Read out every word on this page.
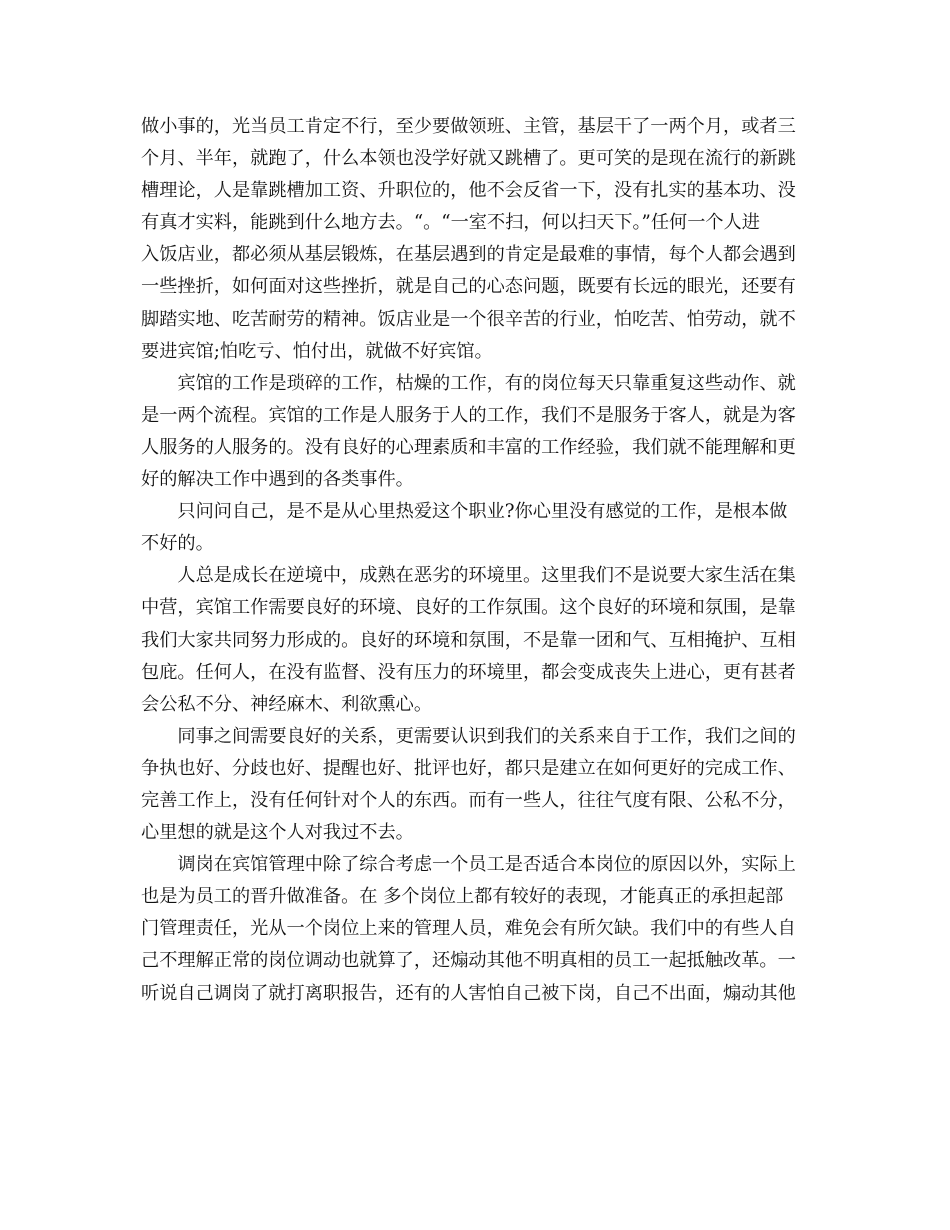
做小事的，光当员工肯定不行，至少要做领班、主管，基层干了一两个月，或者三
个月、半年，就跑了，什么本领也没学好就又跳槽了。更可笑的是现在流行的新跳
槽理论，人是靠跳槽加工资、升职位的，他不会反省一下，没有扎实的基本功、没
有真才实料，能跳到什么地方去。“。“一室不扫，何以扫天下。”任何一个人进
入饭店业，都必须从基层锻炼，在基层遇到的肯定是最难的事情，每个人都会遇到
一些挫折，如何面对这些挫折，就是自己的心态问题，既要有长远的眼光，还要有
脚踏实地、吃苦耐劳的精神。饭店业是一个很辛苦的行业，怕吃苦、怕劳动，就不
要进宾馆;怕吃亏、怕付出，就做不好宾馆。
宾馆的工作是琐碎的工作，枯燥的工作，有的岗位每天只靠重复这些动作、就
是一两个流程。宾馆的工作是人服务于人的工作，我们不是服务于客人，就是为客
人服务的人服务的。没有良好的心理素质和丰富的工作经验，我们就不能理解和更
好的解决工作中遇到的各类事件。
只问问自己，是不是从心里热爱这个职业?你心里没有感觉的工作，是根本做
不好的。
人总是成长在逆境中，成熟在恶劣的环境里。这里我们不是说要大家生活在集
中营，宾馆工作需要良好的环境、良好的工作氛围。这个良好的环境和氛围，是靠
我们大家共同努力形成的。良好的环境和氛围，不是靠一团和气、互相掩护、互相
包庇。任何人，在没有监督、没有压力的环境里，都会变成丧失上进心，更有甚者
会公私不分、神经麻木、利欲熏心。
同事之间需要良好的关系，更需要认识到我们的关系来自于工作，我们之间的
争执也好、分歧也好、提醒也好、批评也好，都只是建立在如何更好的完成工作、
完善工作上，没有任何针对个人的东西。而有一些人，往往气度有限、公私不分，
心里想的就是这个人对我过不去。
调岗在宾馆管理中除了综合考虑一个员工是否适合本岗位的原因以外，实际上
也是为员工的晋升做准备。在 多个岗位上都有较好的表现，才能真正的承担起部
门管理责任，光从一个岗位上来的管理人员，难免会有所欠缺。我们中的有些人自
己不理解正常的岗位调动也就算了，还煽动其他不明真相的员工一起抵触改革。一
听说自己调岗了就打离职报告，还有的人害怕自己被下岗，自己不出面，煽动其他
